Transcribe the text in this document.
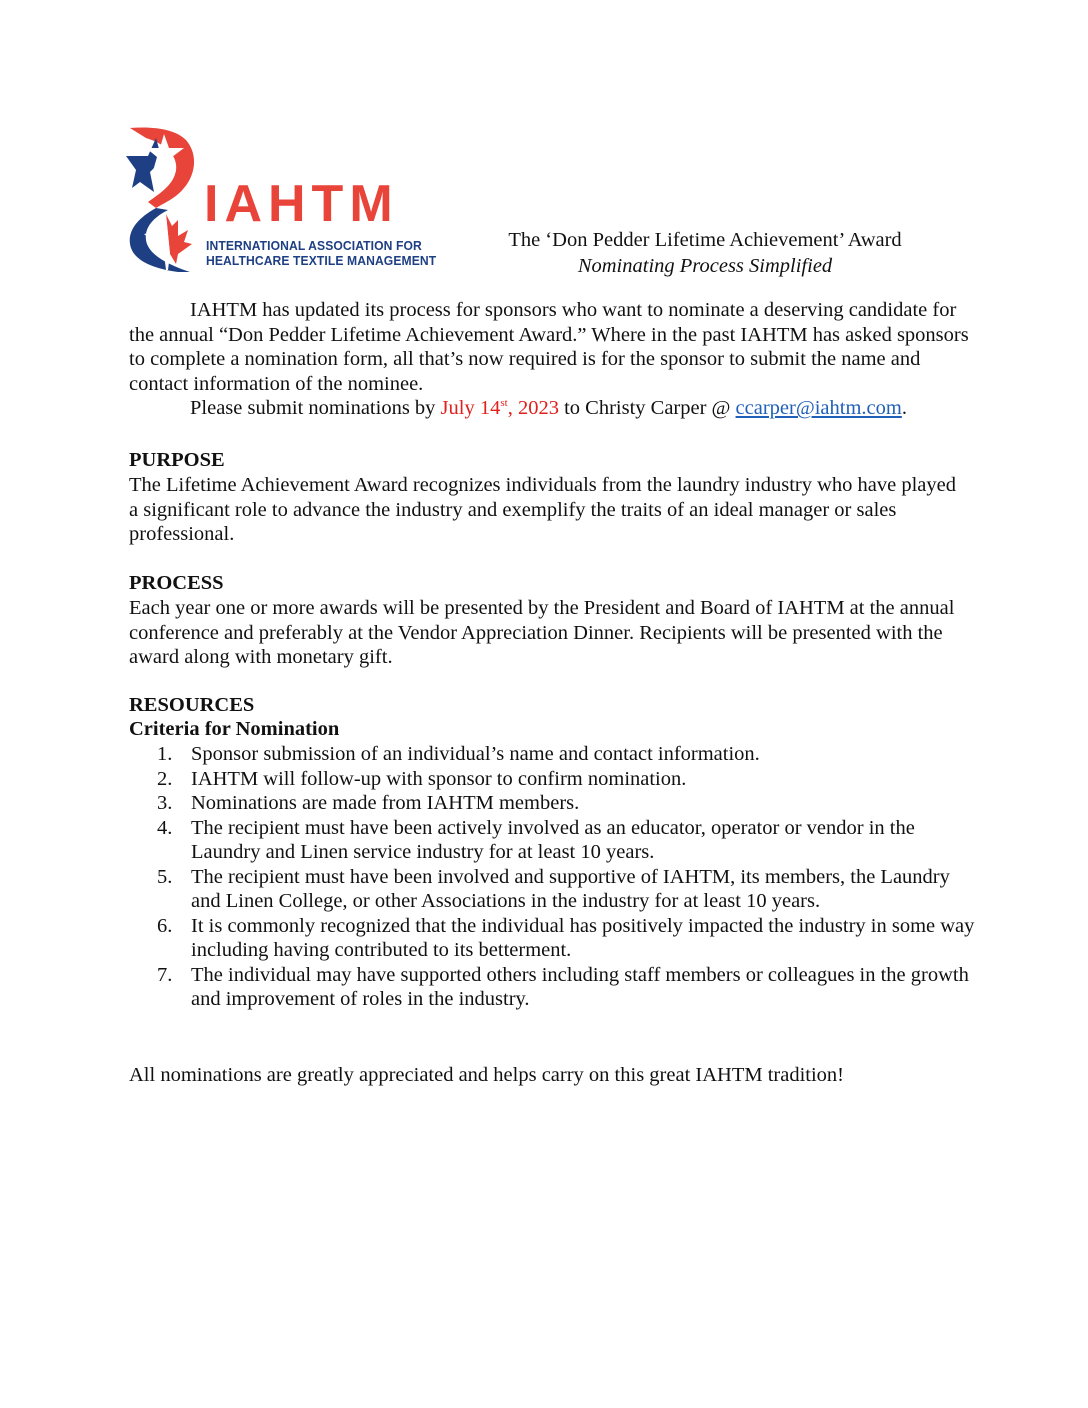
IAHTM
INTERNATIONAL ASSOCIATION FOR
HEALTHCARE TEXTILE MANAGEMENT
The ‘Don Pedder Lifetime Achievement’ Award
Nominating Process Simplified
IAHTM has updated its process for sponsors who want to nominate a deserving candidate for the annual “Don Pedder Lifetime Achievement Award.” Where in the past IAHTM has asked sponsors to complete a nomination form, all that’s now required is for the sponsor to submit the name and contact information of the nominee.
Please submit nominations by July 14st, 2023 to Christy Carper @ ccarper@iahtm.com.
PURPOSE
The Lifetime Achievement Award recognizes individuals from the laundry industry who have played a significant role to advance the industry and exemplify the traits of an ideal manager or sales professional.
PROCESS
Each year one or more awards will be presented by the President and Board of IAHTM at the annual conference and preferably at the Vendor Appreciation Dinner. Recipients will be presented with the award along with monetary gift.
RESOURCES
Criteria for Nomination
1. Sponsor submission of an individual’s name and contact information.
2. IAHTM will follow-up with sponsor to confirm nomination.
3. Nominations are made from IAHTM members.
4. The recipient must have been actively involved as an educator, operator or vendor in the Laundry and Linen service industry for at least 10 years.
5. The recipient must have been involved and supportive of IAHTM, its members, the Laundry and Linen College, or other Associations in the industry for at least 10 years.
6. It is commonly recognized that the individual has positively impacted the industry in some way including having contributed to its betterment.
7. The individual may have supported others including staff members or colleagues in the growth and improvement of roles in the industry.
All nominations are greatly appreciated and helps carry on this great IAHTM tradition!
